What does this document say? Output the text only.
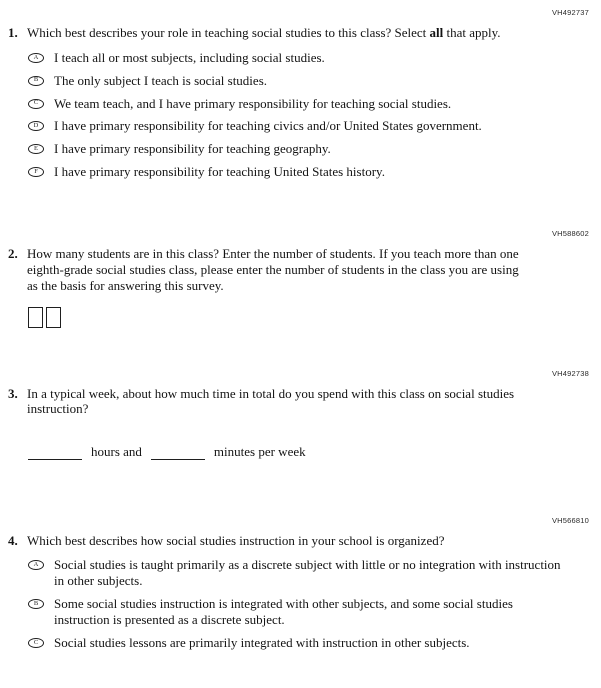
VH492737
1. Which best describes your role in teaching social studies to this class? Select all that apply.
A	I teach all or most subjects, including social studies.
B	The only subject I teach is social studies.
C	We team teach, and I have primary responsibility for teaching social studies.
D	I have primary responsibility for teaching civics and/or United States government.
E	I have primary responsibility for teaching geography.
F	I have primary responsibility for teaching United States history.
VH588602
2. How many students are in this class? Enter the number of students. If you teach more than one eighth-grade social studies class, please enter the number of students in the class you are using as the basis for answering this survey.
VH492738
3. In a typical week, about how much time in total do you spend with this class on social studies instruction?
hours and	minutes per week
VH566810
4. Which best describes how social studies instruction in your school is organized?
A	Social studies is taught primarily as a discrete subject with little or no integration with instruction in other subjects.
B	Some social studies instruction is integrated with other subjects, and some social studies instruction is presented as a discrete subject.
C	Social studies lessons are primarily integrated with instruction in other subjects.
